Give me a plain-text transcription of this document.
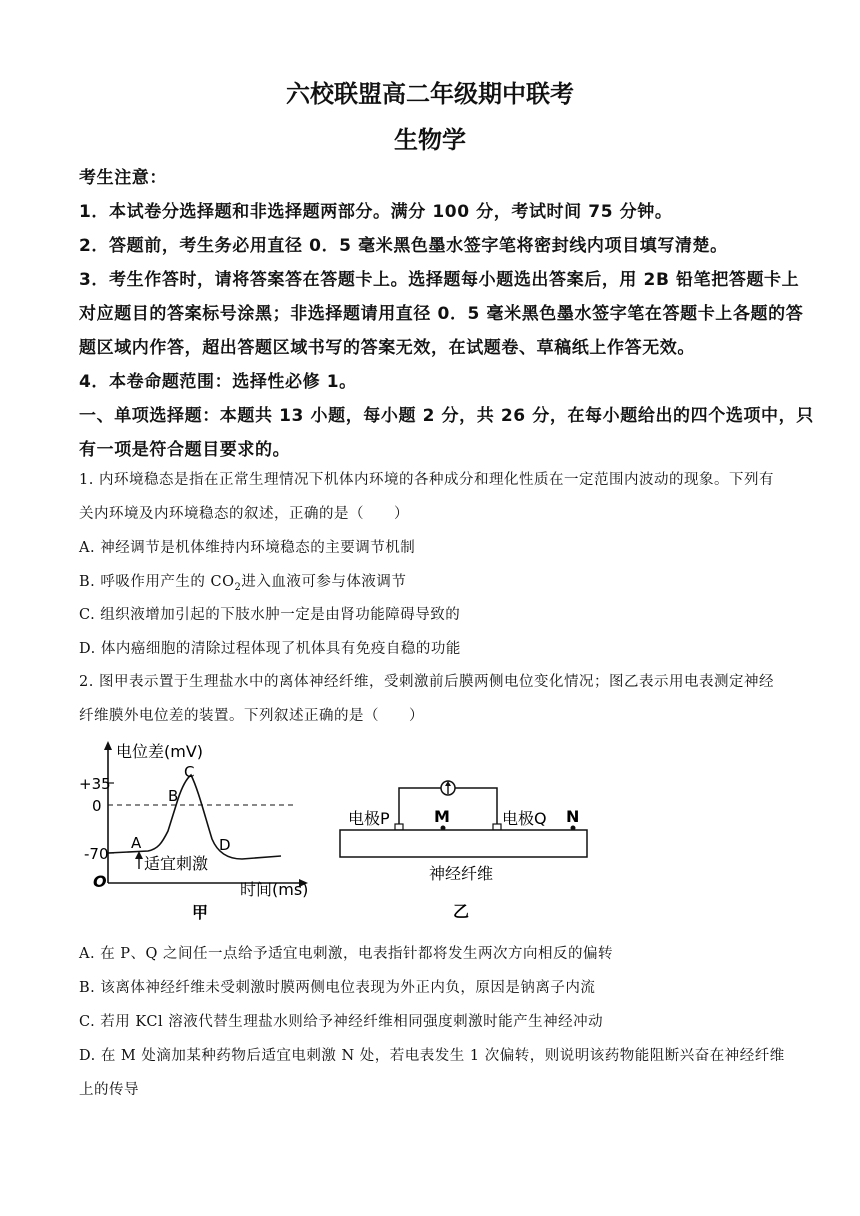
六校联盟高二年级期中联考
生物学
考生注意：
1．本试卷分选择题和非选择题两部分。满分 100 分，考试时间 75 分钟。
2．答题前，考生务必用直径 0．5 毫米黑色墨水签字笔将密封线内项目填写清楚。
3．考生作答时，请将答案答在答题卡上。选择题每小题选出答案后，用 2B 铅笔把答题卡上
对应题目的答案标号涂黑；非选择题请用直径 0．5 毫米黑色墨水签字笔在答题卡上各题的答
题区域内作答，超出答题区域书写的答案无效，在试题卷、草稿纸上作答无效。
4．本卷命题范围：选择性必修 1。
一、单项选择题：本题共 13 小题，每小题 2 分，共 26 分，在每小题给出的四个选项中，只
有一项是符合题目要求的。
1. 内环境稳态是指在正常生理情况下机体内环境的各种成分和理化性质在一定范围内波动的现象。下列有
关内环境及内环境稳态的叙述，正确的是（　　）
A. 神经调节是机体维持内环境稳态的主要调节机制
B. 呼吸作用产生的 $CO_2$进入血液可参与体液调节
C. 组织液增加引起的下肢水肿一定是由肾功能障碍导致的
D. 体内癌细胞的清除过程体现了机体具有免疫自稳的功能
2. 图甲表示置于生理盐水中的离体神经纤维，受刺激前后膜两侧电位变化情况；图乙表示用电表测定神经
纤维膜外电位差的装置。下列叙述正确的是（　　）
电位差(mV)
+35
0
-70
O
A
B
C
D
适宜刺激
时间(ms)
甲
电极P	M	电极Q N
神经纤维
乙
A. 在 P、Q 之间任一点给予适宜电刺激，电表指针都将发生两次方向相反的偏转
B. 该离体神经纤维未受刺激时膜两侧电位表现为外正内负，原因是钠离子内流
C. 若用 KCl 溶液代替生理盐水则给予神经纤维相同强度刺激时能产生神经冲动
D. 在 M 处滴加某种药物后适宜电刺激 N 处，若电表发生 1 次偏转，则说明该药物能阻断兴奋在神经纤维
上的传导
